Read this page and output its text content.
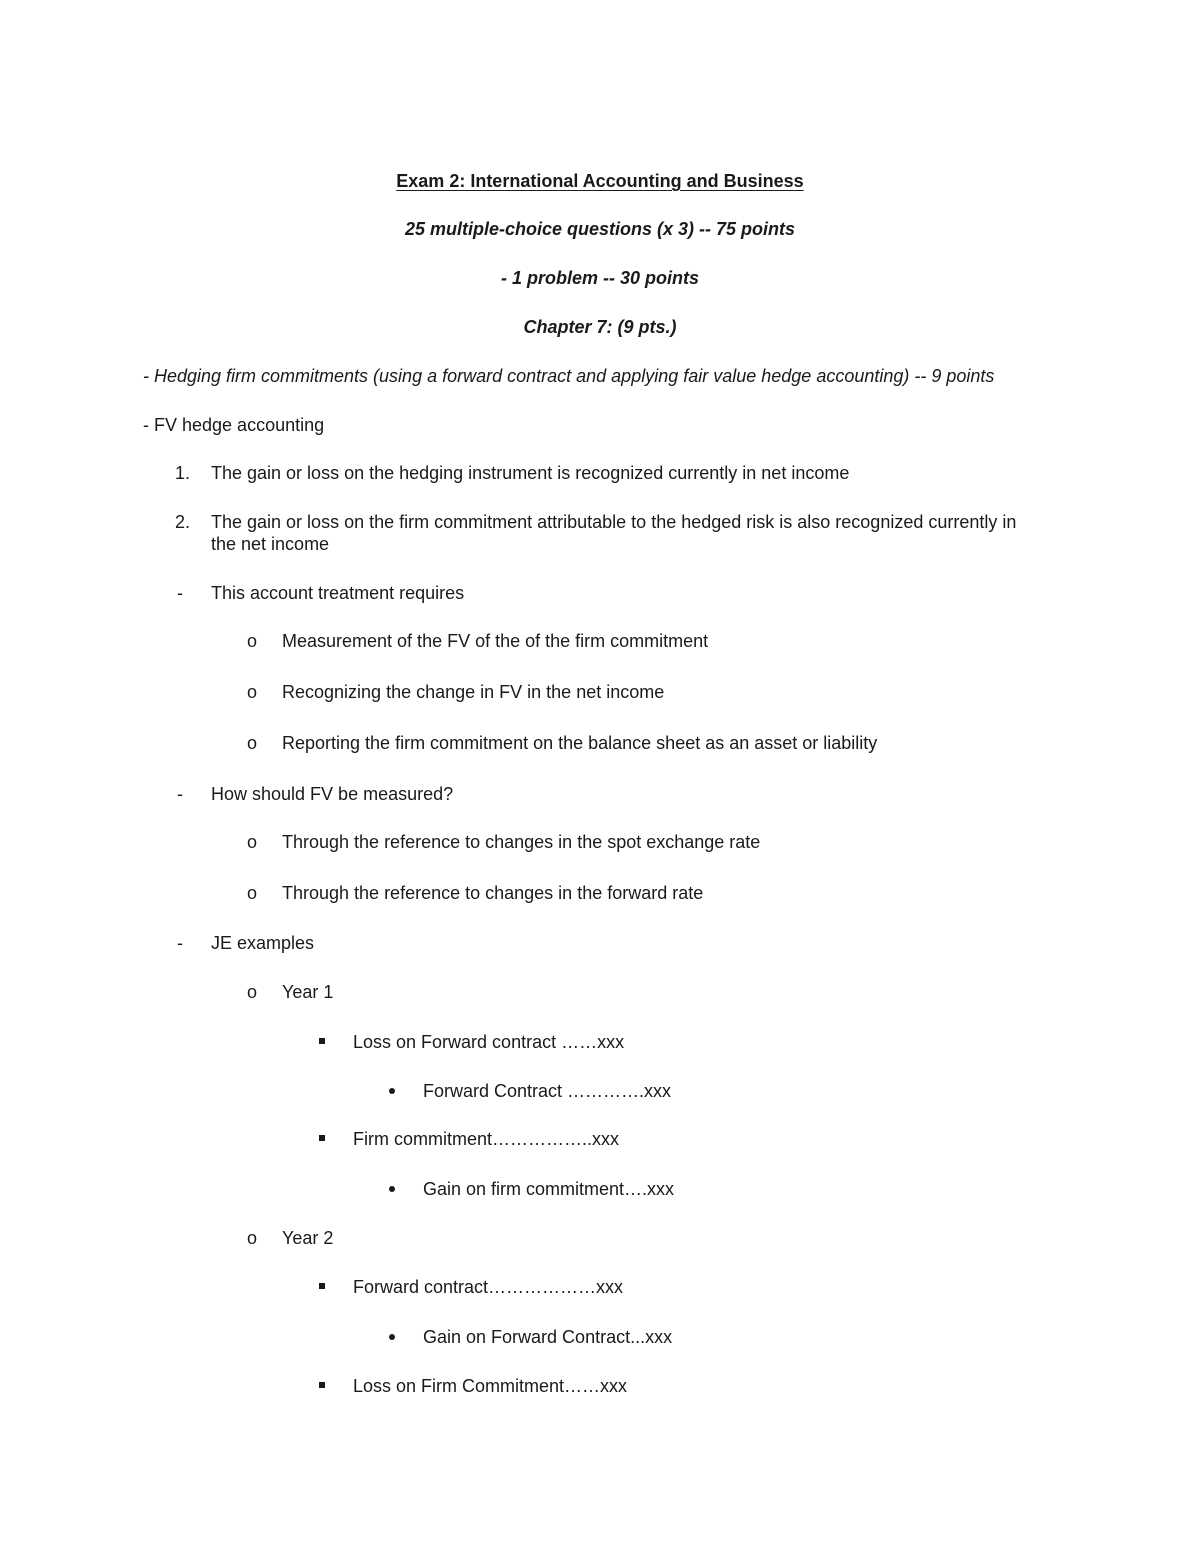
Exam 2: International Accounting and Business
25 multiple-choice questions (x 3) -- 75 points
- 1 problem -- 30 points
Chapter 7: (9 pts.)
- Hedging firm commitments (using a forward contract and applying fair value hedge accounting) -- 9 points
- FV hedge accounting
1. The gain or loss on the hedging instrument is recognized currently in net income
2. The gain or loss on the firm commitment attributable to the hedged risk is also recognized currently in
the net income
- This account treatment requires
o Measurement of the FV of the of the firm commitment
o Recognizing the change in FV in the net income
o Reporting the firm commitment on the balance sheet as an asset or liability
- How should FV be measured?
o Through the reference to changes in the spot exchange rate
o Through the reference to changes in the forward rate
- JE examples
o Year 1
Loss on Forward contract ……xxx
Forward Contract ………….xxx
Firm commitment……………..xxx
Gain on firm commitment….xxx
o Year 2
Forward contract………………xxx
Gain on Forward Contract...xxx
Loss on Firm Commitment……xxx
